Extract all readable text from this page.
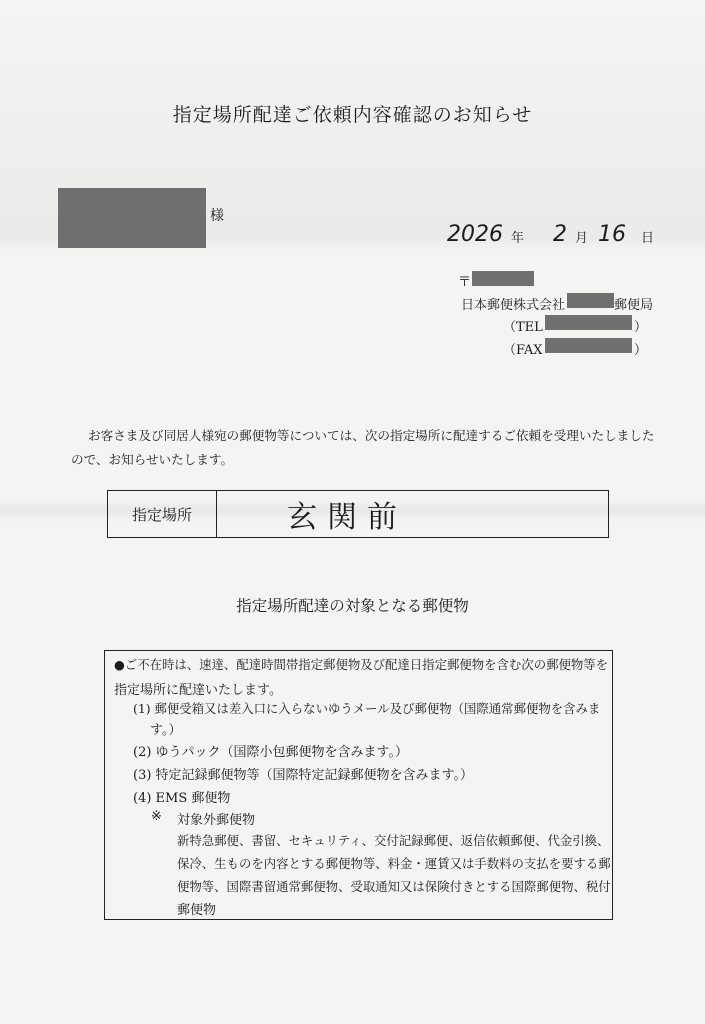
指定場所配達ご依頼内容確認のお知らせ
様
2026 年 2 月 16 日
〒
日本郵便株式会社	郵便局
（TEL	）
（FAX	）
お客さま及び同居人様宛の郵便物等については、次の指定場所に配達するご依頼を受理いたしました
ので、お知らせいたします。
指定場所	玄関前
指定場所配達の対象となる郵便物
●ご不在時は、速達、配達時間帯指定郵便物及び配達日指定郵便物を含む次の郵便物等を
指定場所に配達いたします。
(1) 郵便受箱又は差入口に入らないゆうメール及び郵便物（国際通常郵便物を含みま
す。）
(2) ゆうパック（国際小包郵便物を含みます。）
(3) 特定記録郵便物等（国際特定記録郵便物を含みます。）
(4) EMS 郵便物
※ 対象外郵便物
新特急郵便、書留、セキュリティ、交付記録郵便、返信依頼郵便、代金引換、
保冷、生ものを内容とする郵便物等、料金・運賃又は手数料の支払を要する郵
便物等、国際書留通常郵便物、受取通知又は保険付きとする国際郵便物、税付
郵便物
